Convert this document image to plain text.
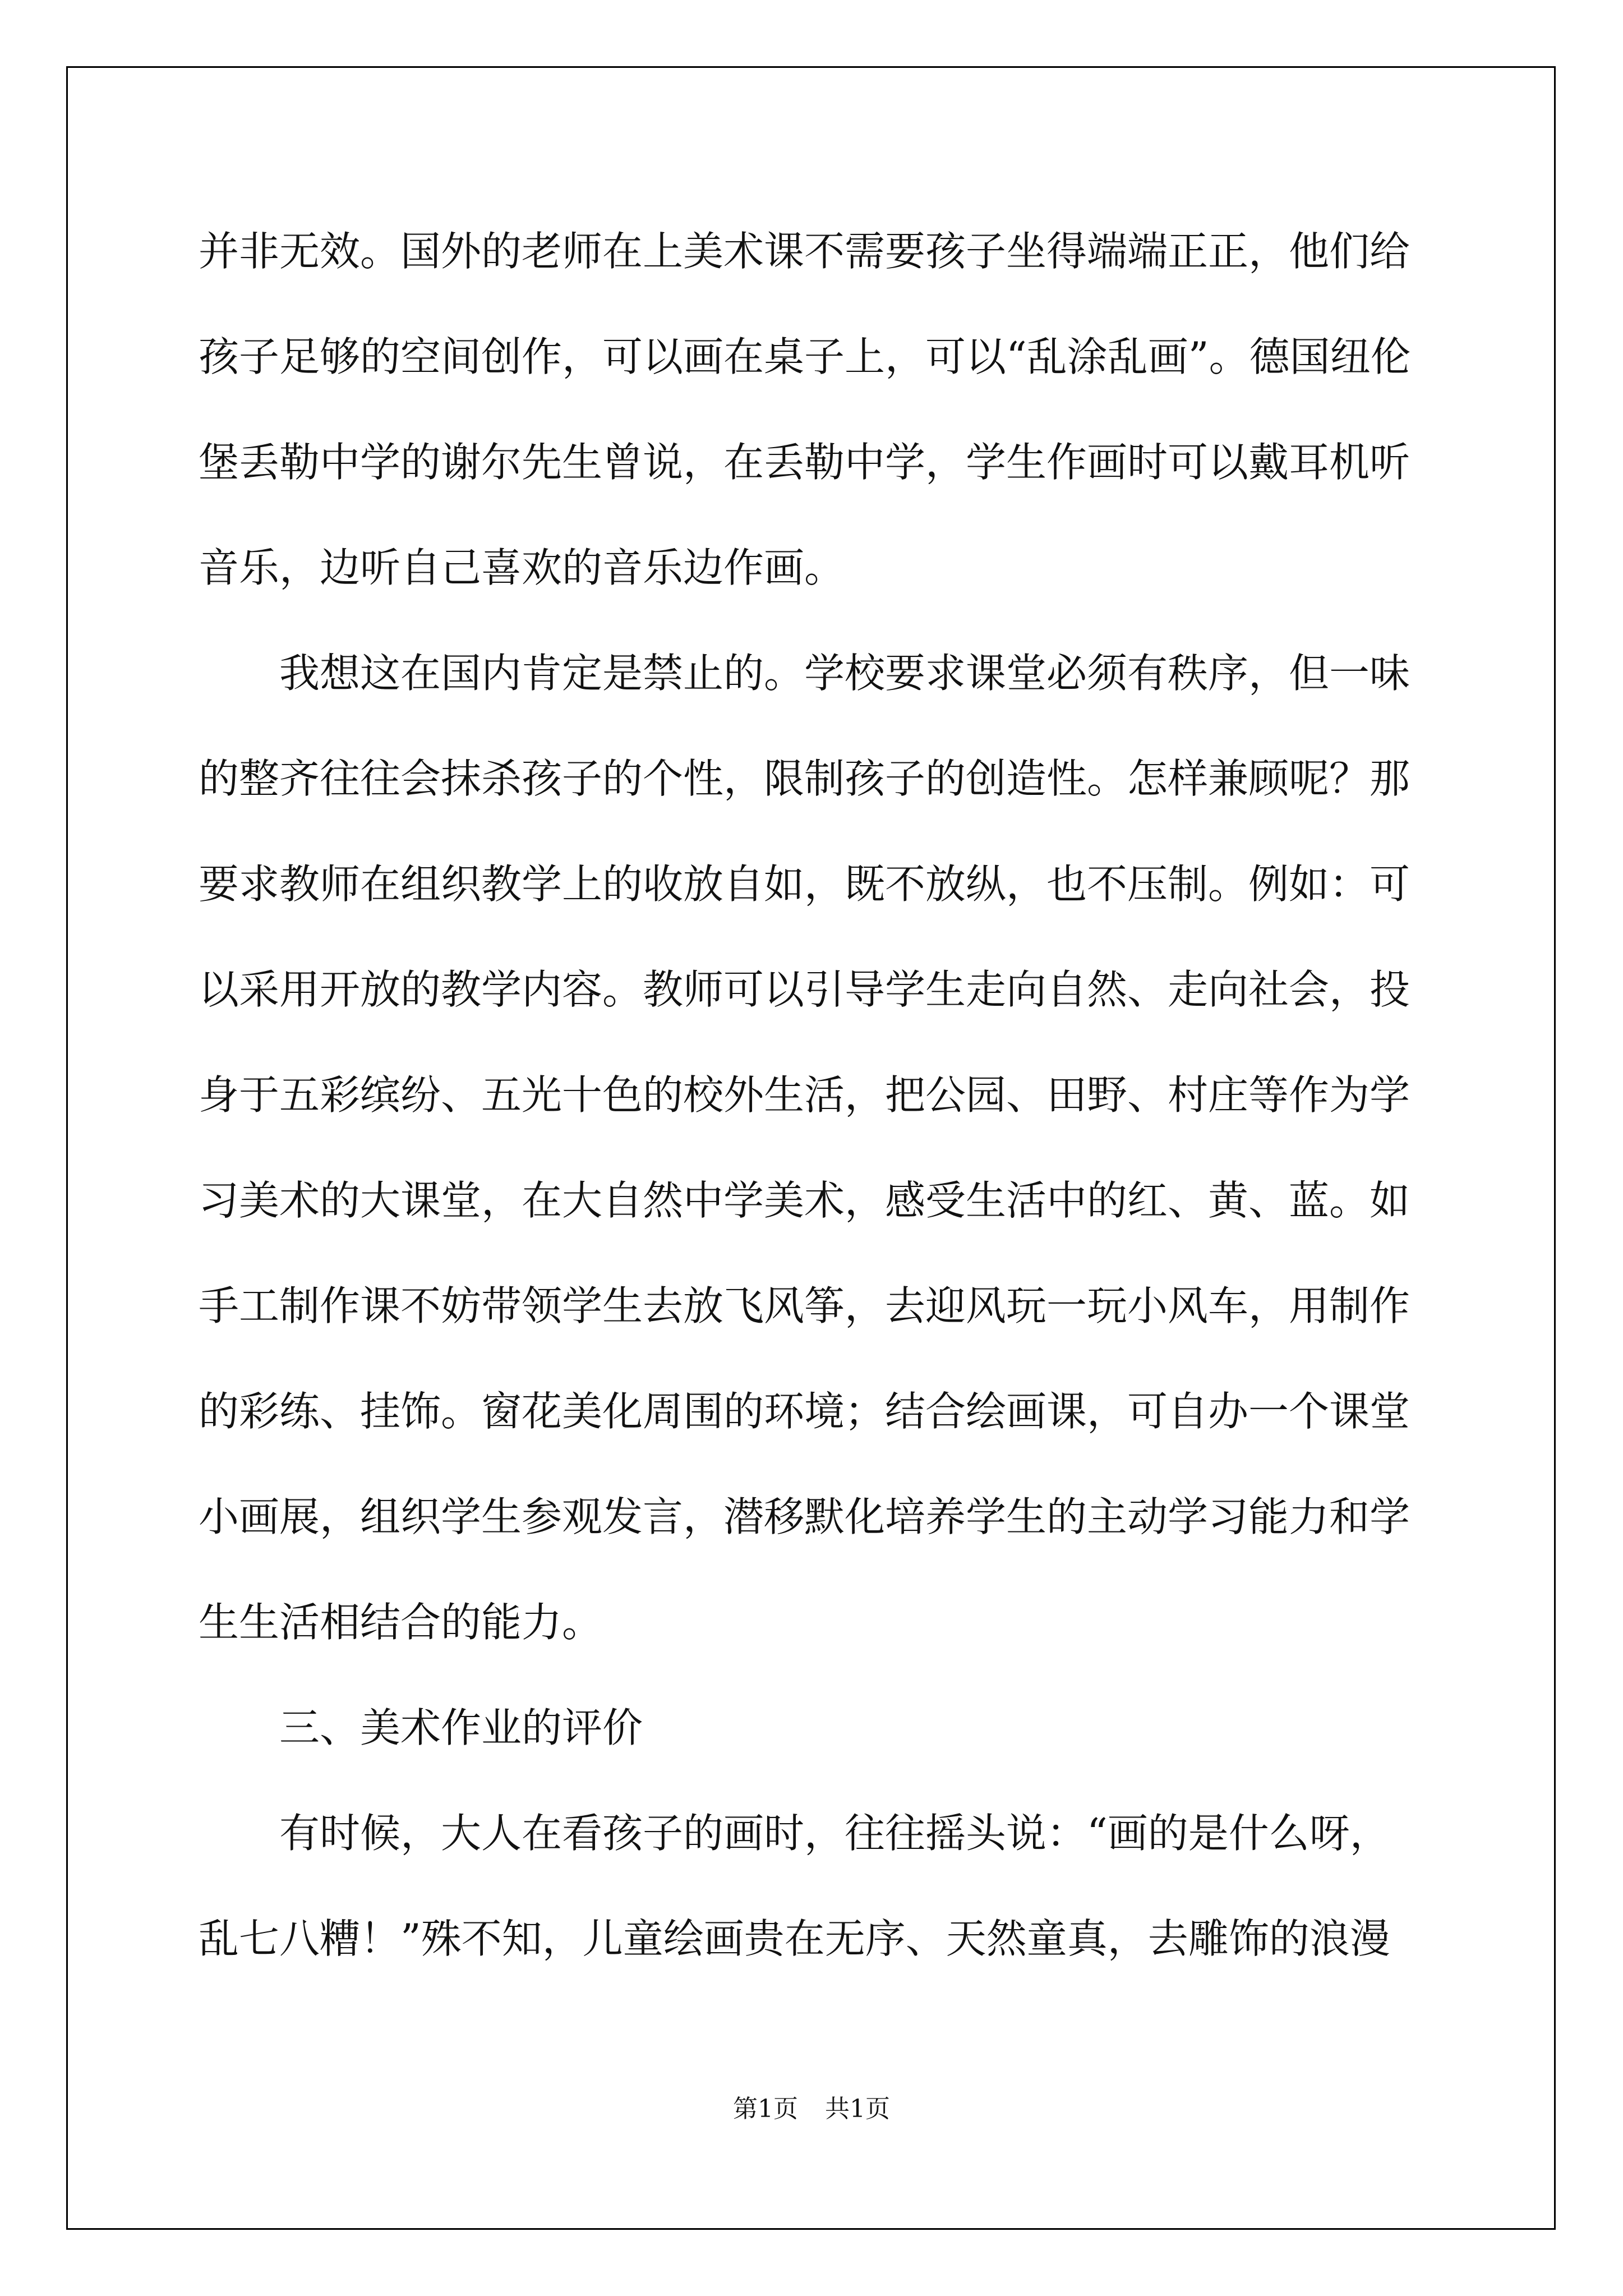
并非无效。国外的老师在上美术课不需要孩子坐得端端正正，他们给
孩子足够的空间创作，可以画在桌子上，可以“乱涂乱画”。德国纽伦
堡丢勒中学的谢尔先生曾说，在丢勒中学，学生作画时可以戴耳机听
音乐，边听自己喜欢的音乐边作画。
　　我想这在国内肯定是禁止的。学校要求课堂必须有秩序，但一味
的整齐往往会抹杀孩子的个性，限制孩子的创造性。怎样兼顾呢？那
要求教师在组织教学上的收放自如，既不放纵，也不压制。例如：可
以采用开放的教学内容。教师可以引导学生走向自然、走向社会，投
身于五彩缤纷、五光十色的校外生活，把公园、田野、村庄等作为学
习美术的大课堂，在大自然中学美术，感受生活中的红、黄、蓝。如
手工制作课不妨带领学生去放飞风筝，去迎风玩一玩小风车，用制作
的彩练、挂饰。窗花美化周围的环境；结合绘画课，可自办一个课堂
小画展，组织学生参观发言，潜移默化培养学生的主动学习能力和学
生生活相结合的能力。
　　三、美术作业的评价
　　有时候，大人在看孩子的画时，往往摇头说：“画的是什么呀，
乱七八糟！”殊不知，儿童绘画贵在无序、天然童真，去雕饰的浪漫
第1页 共1页
